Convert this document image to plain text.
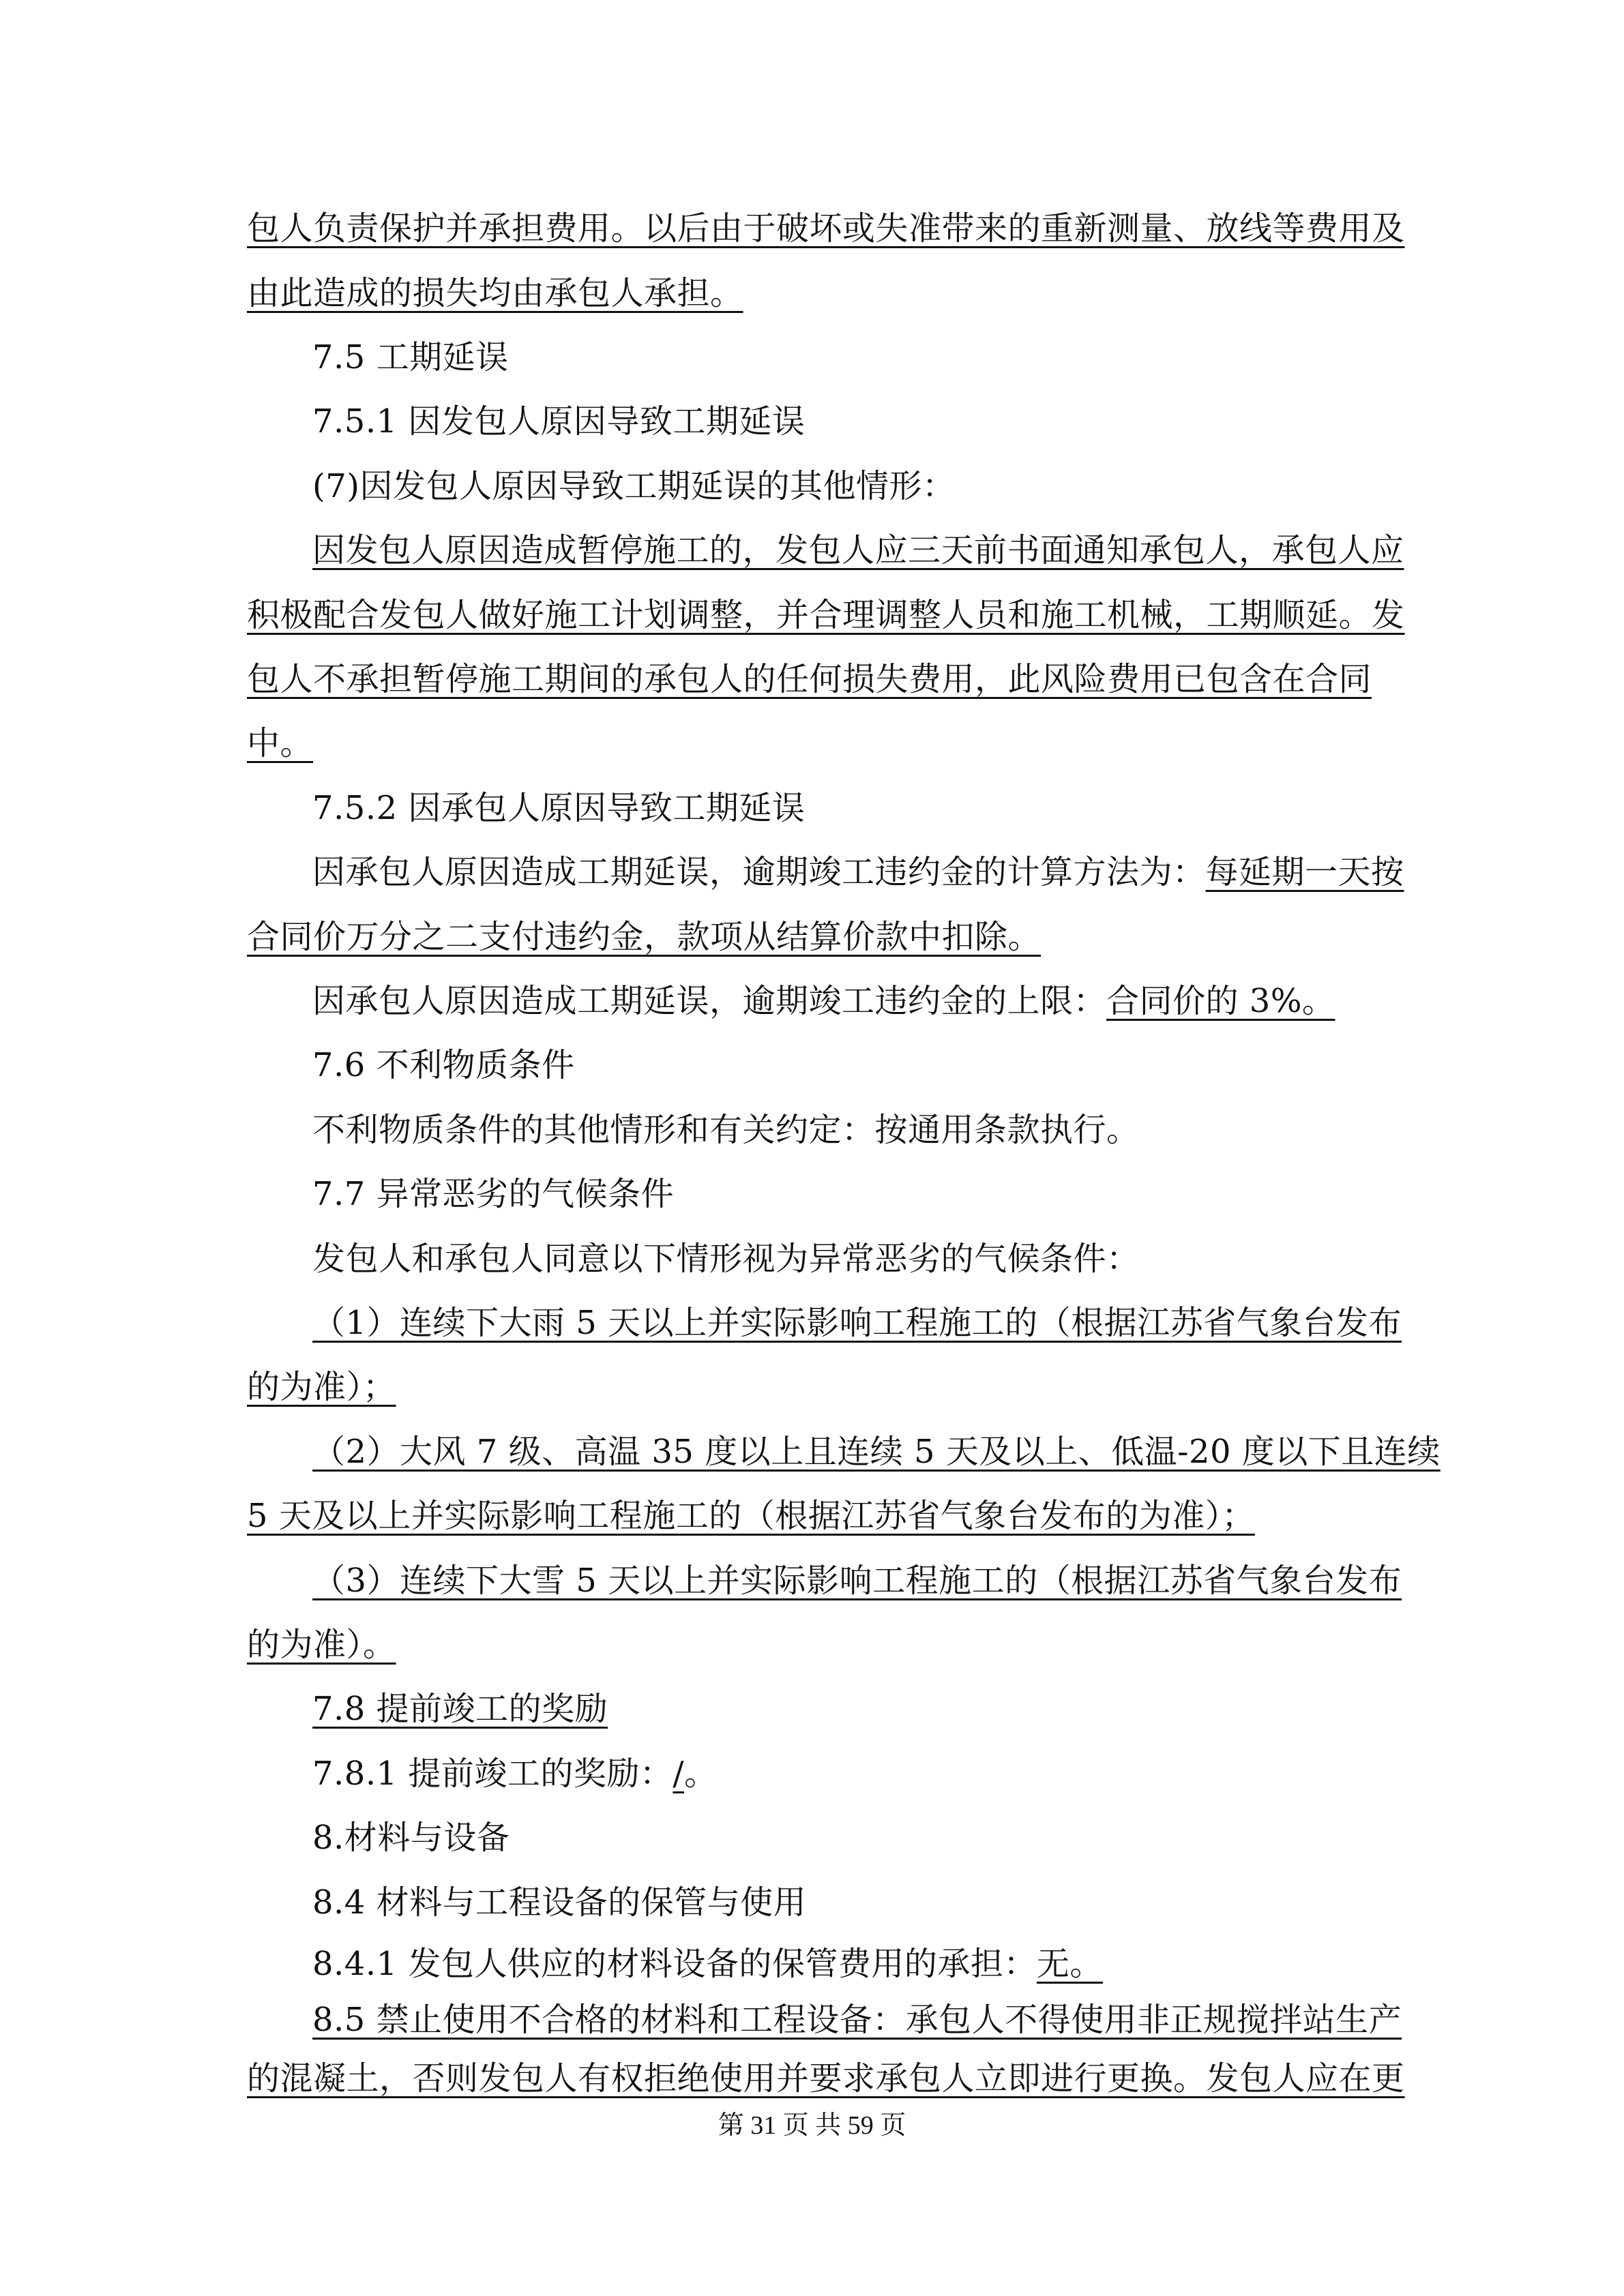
包人负责保护并承担费用。以后由于破坏或失准带来的重新测量、放线等费用及
由此造成的损失均由承包人承担。
7.5 工期延误
7.5.1 因发包人原因导致工期延误
(7)因发包人原因导致工期延误的其他情形：
因发包人原因造成暂停施工的，发包人应三天前书面通知承包人，承包人应
积极配合发包人做好施工计划调整，并合理调整人员和施工机械，工期顺延。发
包人不承担暂停施工期间的承包人的任何损失费用，此风险费用已包含在合同
中。
7.5.2 因承包人原因导致工期延误
因承包人原因造成工期延误，逾期竣工违约金的计算方法为：每延期一天按
合同价万分之二支付违约金，款项从结算价款中扣除。
因承包人原因造成工期延误，逾期竣工违约金的上限：合同价的 3%。
7.6 不利物质条件
不利物质条件的其他情形和有关约定：按通用条款执行。
7.7 异常恶劣的气候条件
发包人和承包人同意以下情形视为异常恶劣的气候条件：
（1）连续下大雨 5 天以上并实际影响工程施工的（根据江苏省气象台发布
的为准）；
（2）大风 7 级、高温 35 度以上且连续 5 天及以上、低温-20 度以下且连续
5 天及以上并实际影响工程施工的（根据江苏省气象台发布的为准）；
（3）连续下大雪 5 天以上并实际影响工程施工的（根据江苏省气象台发布
的为准）。
7.8 提前竣工的奖励
7.8.1 提前竣工的奖励：/。
8.材料与设备
8.4 材料与工程设备的保管与使用
8.4.1 发包人供应的材料设备的保管费用的承担：无。
8.5 禁止使用不合格的材料和工程设备：承包人不得使用非正规搅拌站生产
的混凝土，否则发包人有权拒绝使用并要求承包人立即进行更换。发包人应在更
第 31 页 共 59 页
